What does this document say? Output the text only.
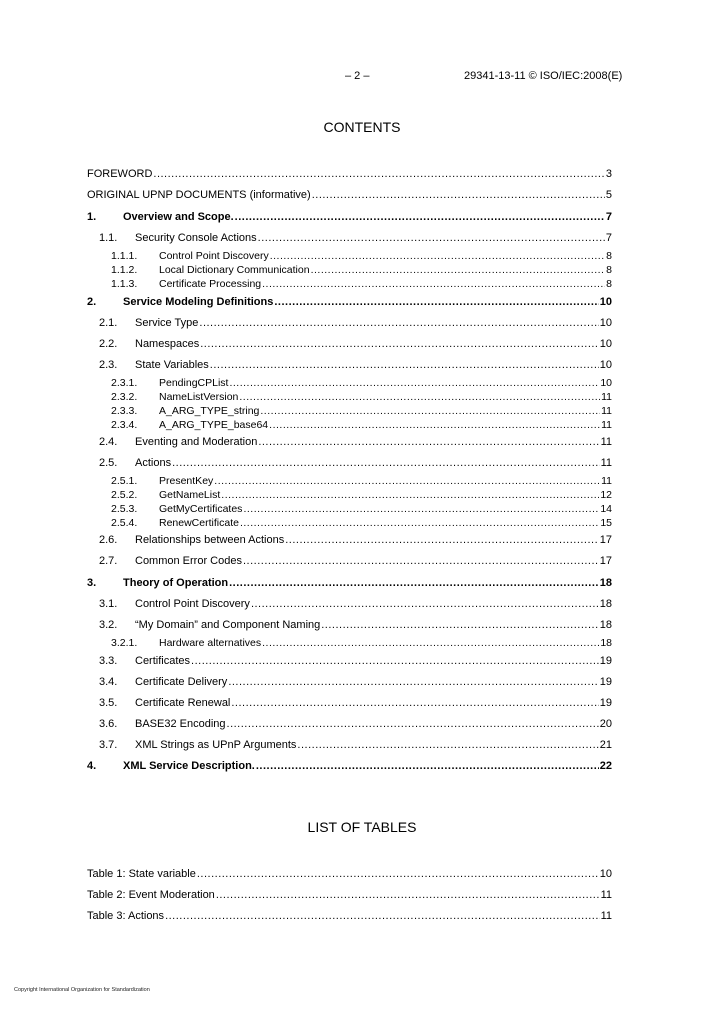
– 2 –	29341-13-11 © ISO/IEC:2008(E)
CONTENTS
FOREWORD .....	3
ORIGINAL UPNP DOCUMENTS (informative) .....	5
1.	Overview and Scope. .....	7
1.1.	Security Console Actions .....	7
1.1.1.	Control Point Discovery .....	8
1.1.2.	Local Dictionary Communication .....	8
1.1.3.	Certificate Processing .....	8
2.	Service Modeling Definitions .....	10
2.1.	Service Type .....	10
2.2.	Namespaces .....	10
2.3.	State Variables .....	10
2.3.1.	PendingCPList .....	10
2.3.2.	NameListVersion .....	11
2.3.3.	A_ARG_TYPE_string .....	11
2.3.4.	A_ARG_TYPE_base64 .....	11
2.4.	Eventing and Moderation .....	11
2.5.	Actions .....	11
2.5.1.	PresentKey .....	11
2.5.2.	GetNameList .....	12
2.5.3.	GetMyCertificates .....	14
2.5.4.	RenewCertificate .....	15
2.6.	Relationships between Actions .....	17
2.7.	Common Error Codes .....	17
3.	Theory of Operation .....	18
3.1.	Control Point Discovery .....	18
3.2.	“My Domain” and Component Naming .....	18
3.2.1.	Hardware alternatives .....	18
3.3.	Certificates .....	19
3.4.	Certificate Delivery .....	19
3.5.	Certificate Renewal .....	19
3.6.	BASE32 Encoding .....	20
3.7.	XML Strings as UPnP Arguments .....	21
4.	XML Service Description. .....	22
LIST OF TABLES
Table 1: State variable .....	10
Table 2: Event Moderation .....	11
Table 3: Actions .....	11
Copyright International Organization for Standardization
